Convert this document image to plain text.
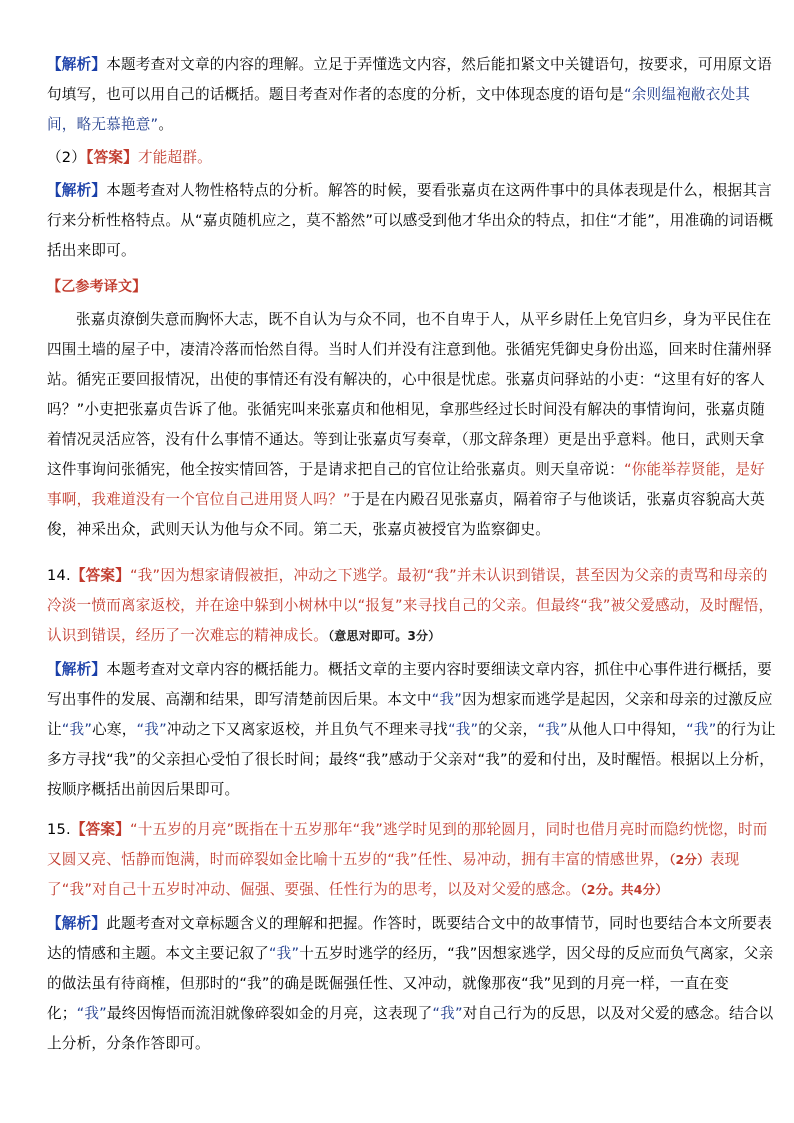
【解析】本题考查对文章的内容的理解。立足于弄懂选文内容，然后能扣紧文中关键语句，按要求，可用原文语句填写，也可以用自己的话概括。题目考查对作者的态度的分析，文中体现态度的语句是“余则缊袍敝衣处其间，略无慕艳意”。

（2）【答案】才能超群。

【解析】本题考查对人物性格特点的分析。解答的时候，要看张嘉贞在这两件事中的具体表现是什么，根据其言行来分析性格特点。从“嘉贞随机应之，莫不豁然”可以感受到他才华出众的特点，扣住“才能”，用准确的词语概括出来即可。

【乙参考译文】

张嘉贞潦倒失意而胸怀大志，既不自认为与众不同，也不自卑于人，从平乡尉任上免官归乡，身为平民住在四围土墙的屋子中，凄清冷落而怡然自得。当时人们并没有注意到他。张循宪凭御史身份出巡，回来时住蒲州驿站。循宪正要回报情况，出使的事情还有没有解决的，心中很是忧虑。张嘉贞问驿站的小吏：“这里有好的客人吗？”小吏把张嘉贞告诉了他。张循宪叫来张嘉贞和他相见，拿那些经过长时间没有解决的事情询问，张嘉贞随着情况灵活应答，没有什么事情不通达。等到让张嘉贞写奏章，（那文辞条理）更是出乎意料。他日，武则天拿这件事询问张循宪，他全按实情回答，于是请求把自己的官位让给张嘉贞。则天皇帝说：“你能举荐贤能，是好事啊，我难道没有一个官位自己进用贤人吗？”于是在内殿召见张嘉贞，隔着帘子与他谈话，张嘉贞容貌高大英俊，神采出众，武则天认为他与众不同。第二天，张嘉贞被授官为监察御史。

14.【答案】“我”因为想家请假被拒，冲动之下逃学。最初“我”并未认识到错误，甚至因为父亲的责骂和母亲的冷淡一愤而离家返校，并在途中躲到小树林中以“报复”来寻找自己的父亲。但最终“我”被父爱感动，及时醒悟，认识到错误，经历了一次难忘的精神成长。（意思对即可。3分）

【解析】本题考查对文章内容的概括能力。概括文章的主要内容时要细读文章内容，抓住中心事件进行概括，要写出事件的发展、高潮和结果，即写清楚前因后果。本文中“我”因为想家而逃学是起因，父亲和母亲的过激反应让“我”心寒，“我”冲动之下又离家返校，并且负气不理来寻找“我”的父亲，“我”从他人口中得知，“我”的行为让多方寻找“我”的父亲担心受怕了很长时间；最终“我”感动于父亲对“我”的爱和付出，及时醒悟。根据以上分析，按顺序概括出前因后果即可。

15.【答案】“十五岁的月亮”既指在十五岁那年“我”逃学时见到的那轮圆月，同时也借月亮时而隐约恍惚，时而又圆又亮、恬静而饱满，时而碎裂如金比喻十五岁的“我”任性、易冲动，拥有丰富的情感世界，（2分）表现了“我”对自己十五岁时冲动、倔强、要强、任性行为的思考，以及对父爱的感念。（2分。共4分）

【解析】此题考查对文章标题含义的理解和把握。作答时，既要结合文中的故事情节，同时也要结合本文所要表达的情感和主题。本文主要记叙了“我”十五岁时逃学的经历，“我”因想家逃学，因父母的反应而负气离家，父亲的做法虽有待商榷，但那时的“我”的确是既倔强任性、又冲动，就像那夜“我”见到的月亮一样，一直在变化；“我”最终因悔悟而流泪就像碎裂如金的月亮，这表现了“我”对自己行为的反思，以及对父爱的感念。结合以上分析，分条作答即可。
